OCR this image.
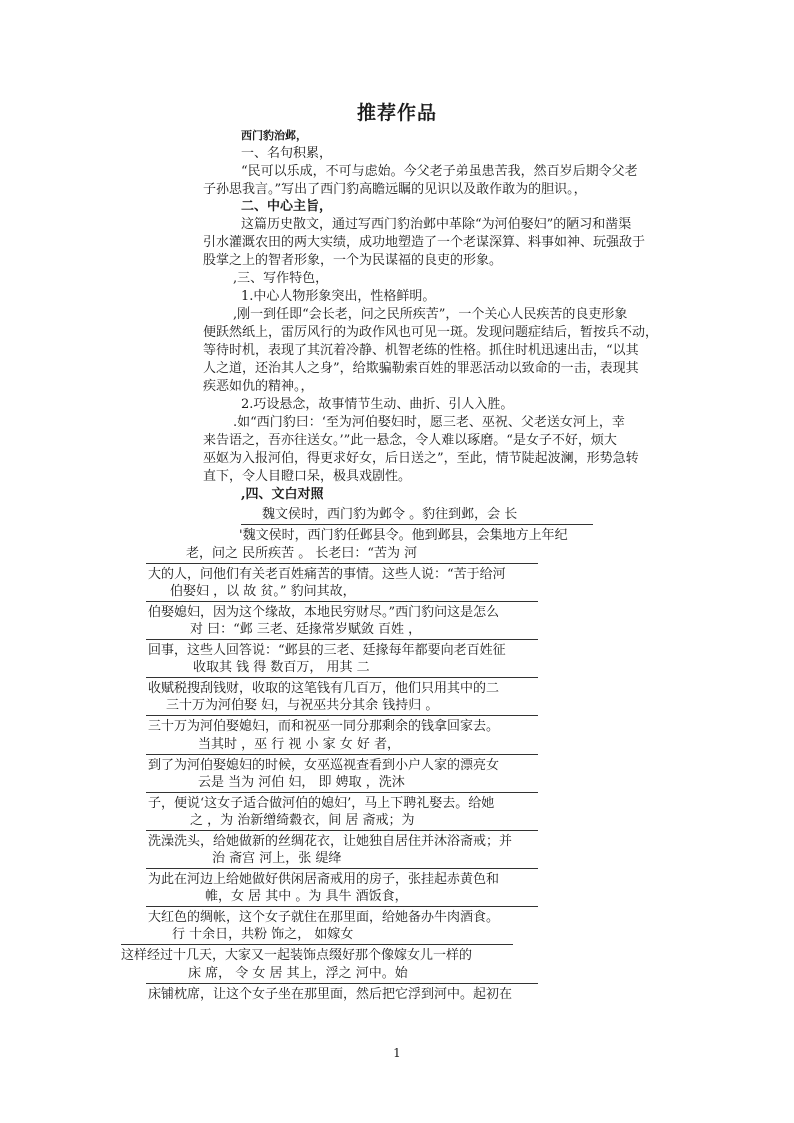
推荐作品
西门豹治邺，
一、名句积累，
“民可以乐成，不可与虑始。今父老子弟虽患苦我，然百岁后期令父老
子孙思我言。”写出了西门豹高瞻远瞩的见识以及敢作敢为的胆识。，
二、中心主旨，
这篇历史散文，通过写西门豹治邺中革除“为河伯娶妇”的陋习和凿渠
引水灌溉农田的两大实绩，成功地塑造了一个老谋深算、料事如神、玩强敌于
股掌之上的智者形象，一个为民谋福的良吏的形象。
,三、写作特色，
1.中心人物形象突出，性格鲜明。
,刚一到任即“会长老，问之民所疾苦”，一个关心人民疾苦的良吏形象
便跃然纸上，雷厉风行的为政作风也可见一斑。发现问题症结后，暂按兵不动，
等待时机，表现了其沉着冷静、机智老练的性格。抓住时机迅速出击，“以其
人之道，还治其人之身”，给欺骗勒索百姓的罪恶活动以致命的一击，表现其
疾恶如仇的精神。，
2.巧设悬念，故事情节生动、曲折、引人入胜。
.如“西门豹曰：‘至为河伯娶妇时，愿三老、巫祝、父老送女河上，幸
来告语之，吾亦往送女。’”此一悬念，令人难以琢磨。“是女子不好，烦大
巫妪为入报河伯，得更求好女，后日送之”，至此，情节陡起波澜，形势急转
直下，令人目瞪口呆，极具戏剧性。
,四、文白对照
魏文侯时，西门豹为邺令 。豹往到邺，会 长
'魏文侯时，西门豹任邺县令。他到邺县，会集地方上年纪
老，问之 民所疾苦 。 长老曰：“苦为 河
大的人，问他们有关老百姓痛苦的事情。这些人说：“苦于给河
伯娶妇 ，以 故 贫。” 豹问其故，
伯娶媳妇，因为这个缘故，本地民穷财尽。”西门豹问这是怎么
对 曰：“邺 三老、廷掾常岁赋敛 百姓 ，
回事，这些人回答说：“邺县的三老、廷掾每年都要向老百姓征
收取其 钱 得 数百万， 用其 二
收赋税搜刮钱财，收取的这笔钱有几百万，他们只用其中的二
三十万为河伯娶 妇，与祝巫共分其余 钱持归 。
三十万为河伯娶媳妇，而和祝巫一同分那剩余的钱拿回家去。
当其时 ，巫 行 视 小 家 女 好 者，
到了为河伯娶媳妇的时候，女巫巡视查看到小户人家的漂亮女
云是 当为 河伯 妇， 即 娉取 ，洗沐
子，便说‘这女子适合做河伯的媳妇’，马上下聘礼娶去。给她
之 ，为 治新缯绮縠衣，间 居 斋戒；为
洗澡洗头，给她做新的丝绸花衣，让她独自居住并沐浴斋戒；并
治 斋宫 河上，张 缇绛
为此在河边上给她做好供闲居斋戒用的房子，张挂起赤黄色和
帷，女 居 其中 。为 具牛 酒饭食，
大红色的绸帐，这个女子就住在那里面，给她备办牛肉酒食。
行 十余日，共粉 饰之， 如嫁女
这样经过十几天，大家又一起装饰点缀好那个像嫁女儿一样的
床 席， 令 女 居 其上，浮之 河中。始
床铺枕席，让这个女子坐在那里面，然后把它浮到河中。起初在
1
